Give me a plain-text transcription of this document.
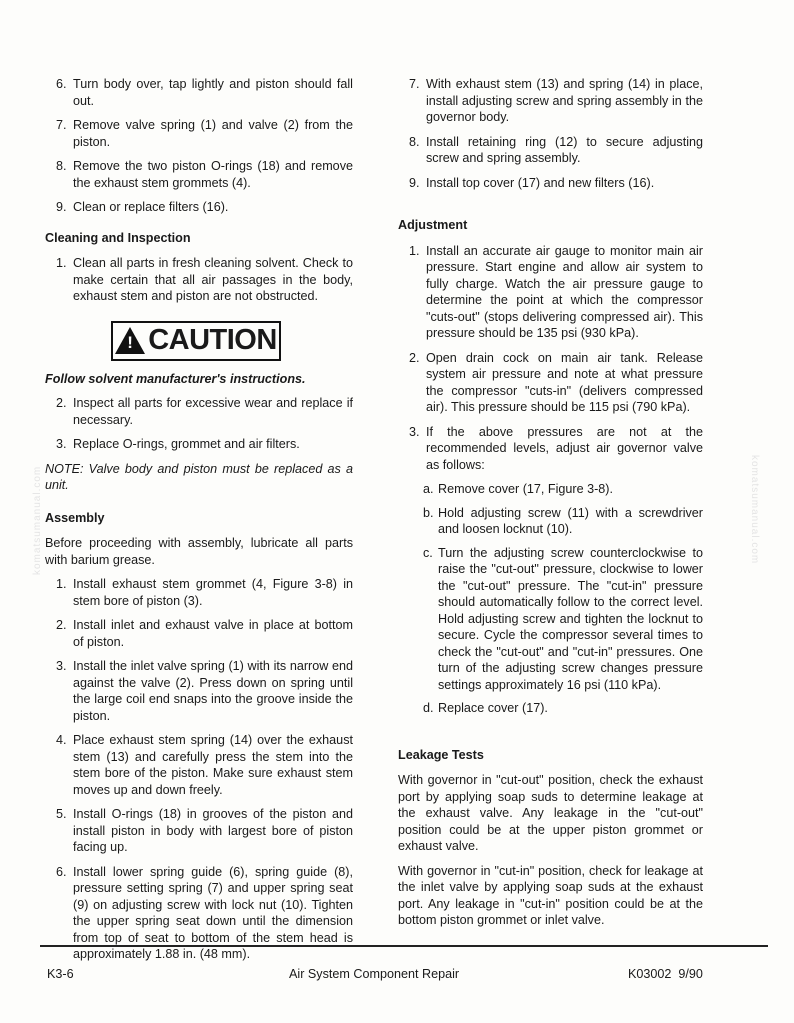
6. Turn body over, tap lightly and piston should fall out.
7. Remove valve spring (1) and valve (2) from the piston.
8. Remove the two piston O-rings (18) and remove the exhaust stem grommets (4).
9. Clean or replace filters (16).
Cleaning and Inspection
1. Clean all parts in fresh cleaning solvent. Check to make certain that all air passages in the body, exhaust stem and piston are not obstructed.
! CAUTION
Follow solvent manufacturer's instructions.
2. Inspect all parts for excessive wear and replace if necessary.
3. Replace O-rings, grommet and air filters.

NOTE: Valve body and piston must be replaced as a unit.

Assembly

Before proceeding with assembly, lubricate all parts with barium grease.

1. Install exhaust stem grommet (4, Figure 3-8) in stem bore of piston (3).
2. Install inlet and exhaust valve in place at bottom of piston.
3. Install the inlet valve spring (1) with its narrow end against the valve (2). Press down on spring until the large coil end snaps into the groove inside the piston.
4. Place exhaust stem spring (14) over the exhaust stem (13) and carefully press the stem into the stem bore of the piston. Make sure exhaust stem moves up and down freely.
5. Install O-rings (18) in grooves of the piston and install piston in body with largest bore of piston facing up.
6. Install lower spring guide (6), spring guide (8), pressure setting spring (7) and upper spring seat (9) on adjusting screw with lock nut (10). Tighten the upper spring seat down until the dimension from top of seat to bottom of the stem head is approximately 1.88 in. (48 mm).
7. With exhaust stem (13) and spring (14) in place, install adjusting screw and spring assembly in the governor body.
8. Install retaining ring (12) to secure adjusting screw and spring assembly.
9. Install top cover (17) and new filters (16).
Adjustment
1. Install an accurate air gauge to monitor main air pressure. Start engine and allow air system to fully charge. Watch the air pressure gauge to determine the point at which the compressor "cuts-out" (stops delivering compressed air). This pressure should be 135 psi (930 kPa).
2. Open drain cock on main air tank. Release system air pressure and note at what pressure the compressor "cuts-in" (delivers compressed air). This pressure should be 115 psi (790 kPa).
3. If the above pressures are not at the recommended levels, adjust air governor valve as follows:
a. Remove cover (17, Figure 3-8).
b. Hold adjusting screw (11) with a screwdriver and loosen locknut (10).
c. Turn the adjusting screw counterclockwise to raise the "cut-out" pressure, clockwise to lower the "cut-out" pressure. The "cut-in" pressure should automatically follow to the correct level. Hold adjusting screw and tighten the locknut to secure. Cycle the compressor several times to check the "cut-out" and "cut-in" pressures. One turn of the adjusting screw changes pressure settings approximately 16 psi (110 kPa).
d. Replace cover (17).
Leakage Tests

With governor in "cut-out" position, check the exhaust port by applying soap suds to determine leakage at the exhaust valve. Any leakage in the "cut-out" position could be at the upper piston grommet or exhaust valve.

With governor in "cut-in" position, check for leakage at the inlet valve by applying soap suds at the exhaust port. Any leakage in "cut-in" position could be at the bottom piston grommet or inlet valve.

komatsumanual.com	komatsumanual.com
K3-6	Air System Component Repair	K03002  9/90
